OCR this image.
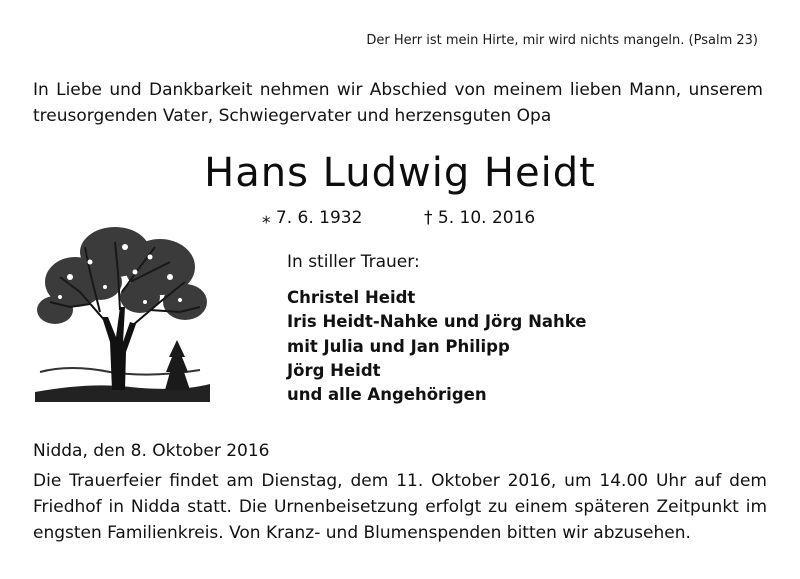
Der Herr ist mein Hirte, mir wird nichts mangeln. (Psalm 23)
In Liebe und Dankbarkeit nehmen wir Abschied von meinem lieben Mann, unserem treusorgenden Vater, Schwiegervater und herzensguten Opa
Hans Ludwig Heidt
⁎ 7. 6. 1932	† 5. 10. 2016
In stiller Trauer:
Christel Heidt
Iris Heidt-Nahke und Jörg Nahke
mit Julia und Jan Philipp
Jörg Heidt
und alle Angehörigen
Nidda, den 8. Oktober 2016
Die Trauerfeier findet am Dienstag, dem 11. Oktober 2016, um 14.00 Uhr auf dem Friedhof in Nidda statt. Die Urnenbeisetzung erfolgt zu einem späteren Zeitpunkt im engsten Familienkreis. Von Kranz- und Blumenspenden bitten wir abzusehen.
